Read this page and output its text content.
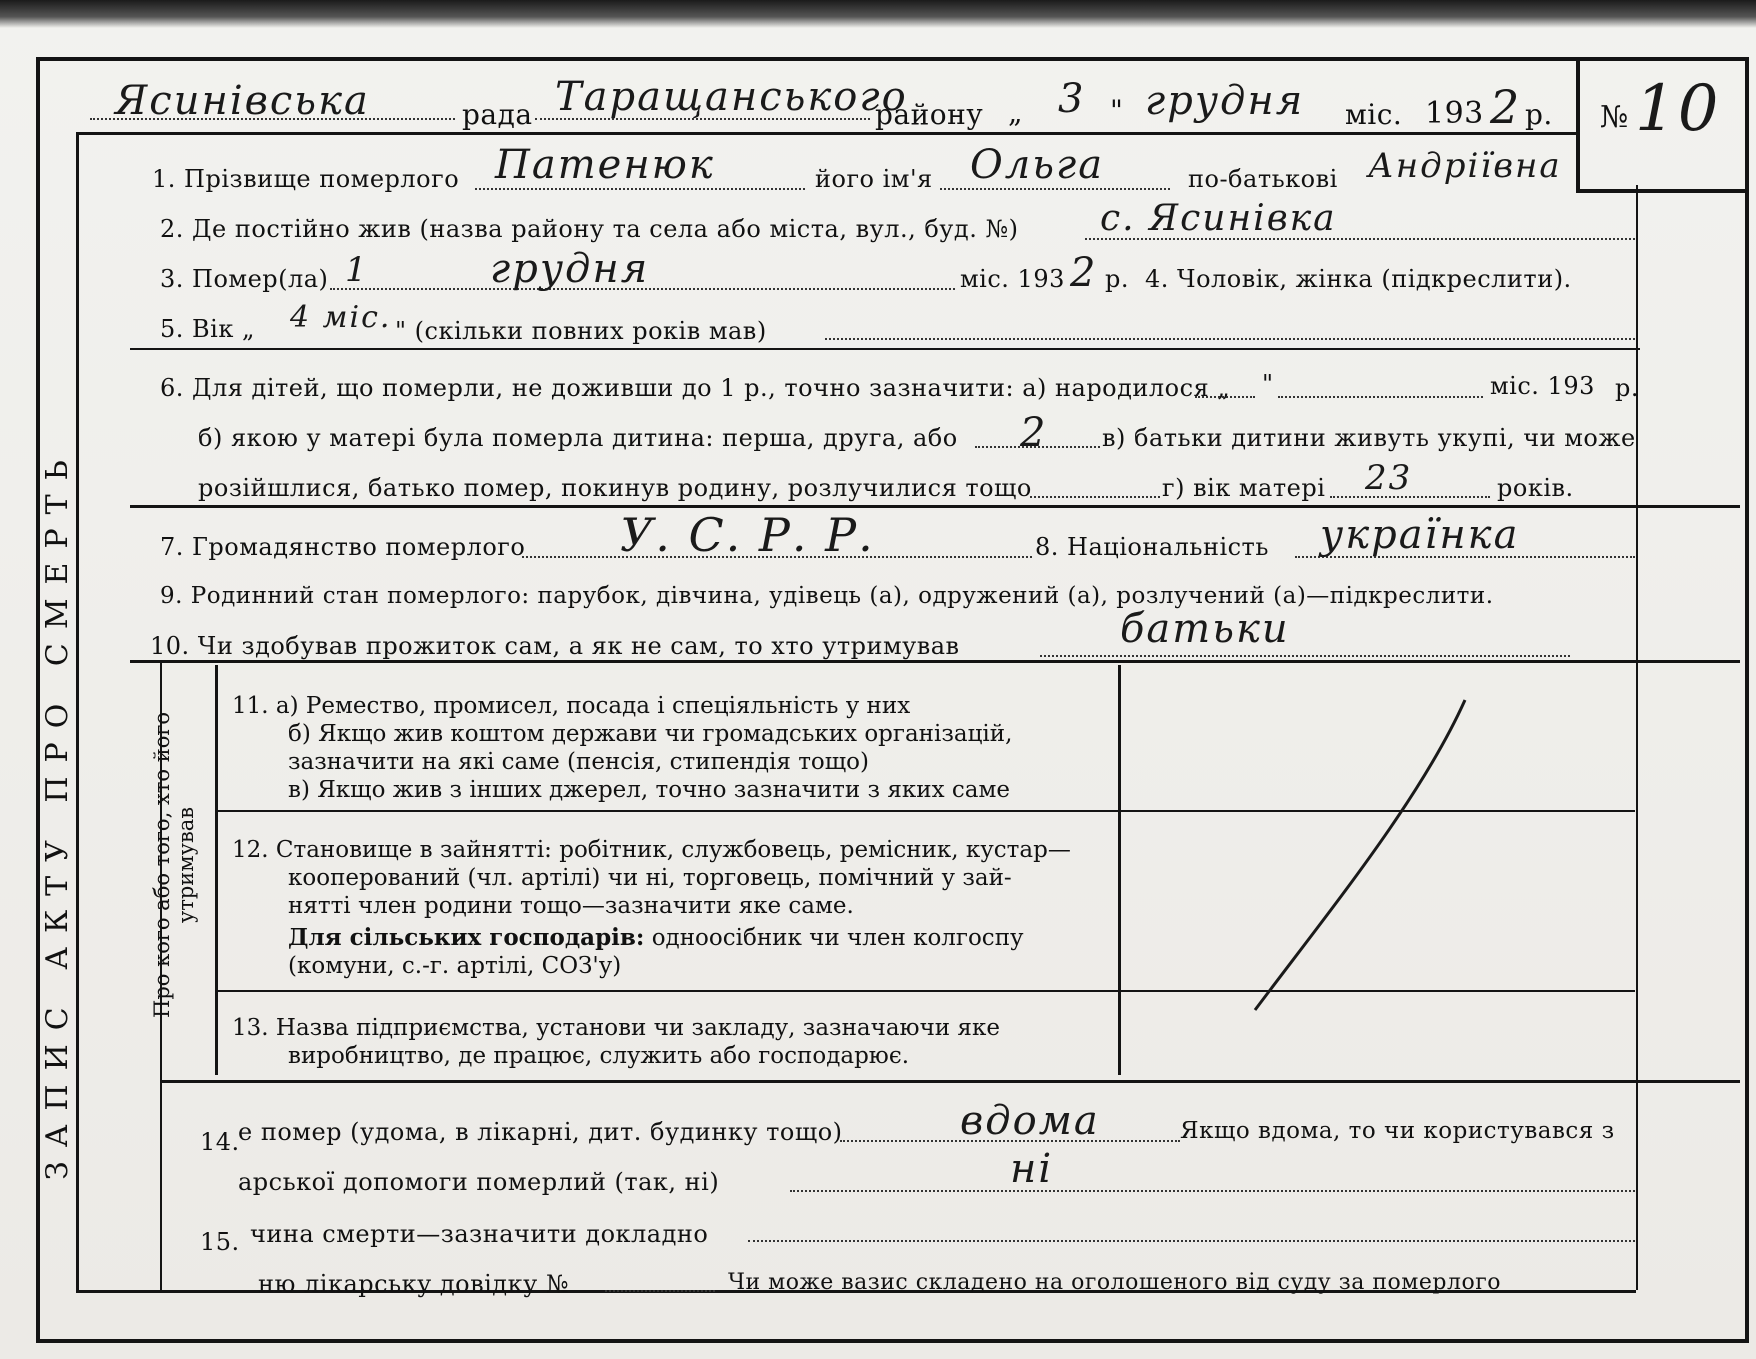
ЗАПИС АКТУ ПРО СМЕРТЬ	Про кого або того, хто його утримував
Ясинівська	рада Таращанського
району „ 3 " грудня міс. 193 2 р. № 10
1. Прізвище померлого Патенюк	його ім'я Ольга	по-батькові Андріївна
2. Де постійно жив (назва району та села або міста, вул., буд. №) с. Ясинівка
3. Помер(ла) 1	грудня	міс. 193 2 р. 4. Чоловік, жінка (підкреслити).
5. Вік „ 4 міс. " (скільки повних років мав)
6. Для дітей, що померли, не доживши до 1 р., точно зазначити: а) народилося „ "	міс. 193 р.
б) якою у матері була померла дитина: перша, друга, або 2 в) батьки дитини живуть укупі, чи може
розійшлися, батько помер, покинув родину, розлучилися тощо	г) вік матері 23	років.
7. Громадянство померлого У. С. Р. Р.	8. Національність українка
9. Родинний стан померлого: парубок, дівчина, удівець (а), одружений (а), розлучений (а)—підкреслити.
10. Чи здобував прожиток сам, а як не сам, то хто утримував	батьки
11. а) Ремество, промисел, посада і спеціяльність у них
б) Якщо жив коштом держави чи громадських організацій,
зазначити на які саме (пенсія, стипендія тощо)
в) Якщо жив з інших джерел, точно зазначити з яких саме
12. Становище в зайнятті: робітник, службовець, ремісник, кустар—
кооперований (чл. артілі) чи ні, торговець, помічний у зай-
нятті член родини тощо—зазначити яке саме.
Для сільських господарів: одноосібник чи член колгоспу
(комуни, с.-г. артілі, СОЗ'у)
13. Назва підприємства, установи чи закладу, зазначаючи яке
виробництво, де працює, служить або господарює.
14.
е помер (удома, в лікарні, дит. будинку тощо)	вдома	Якщо вдома, то чи користувався з
арської допомоги померлий (так, ні)	ні
15. чина смерти—зазначити докладно
ню лікарську довідку №	Чи може вазис складено на оголошеного від суду за померлого
